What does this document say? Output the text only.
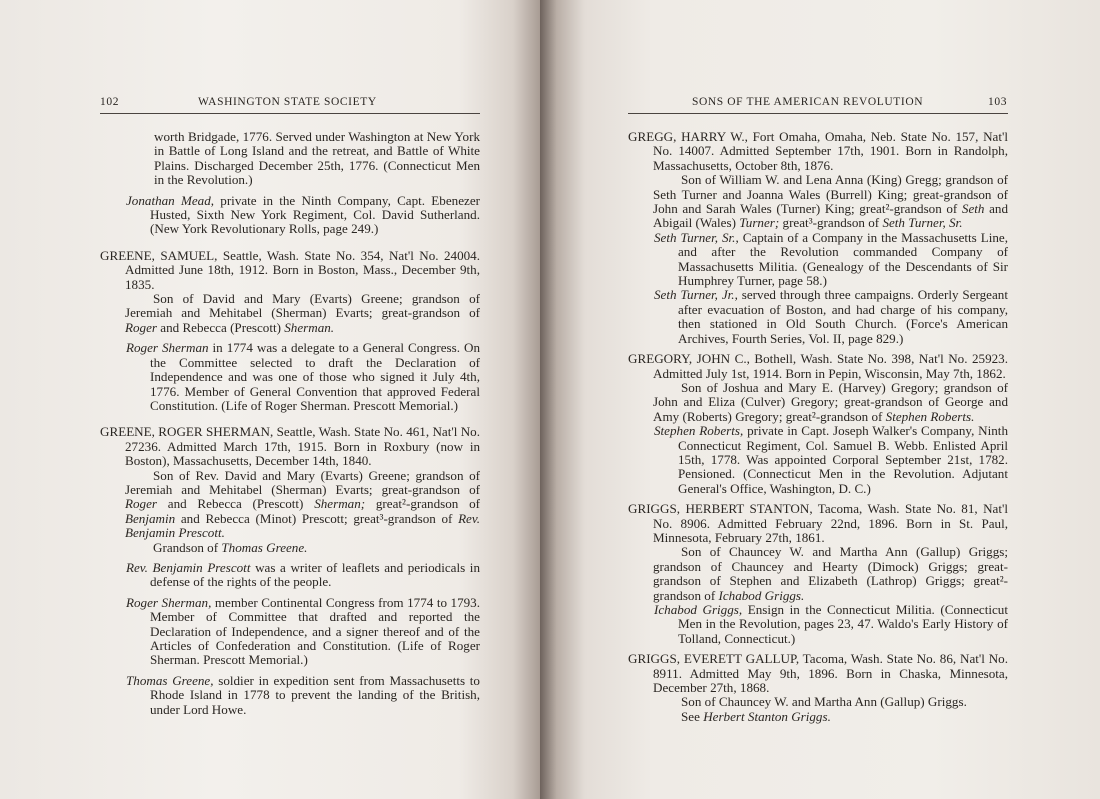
102	WASHINGTON STATE SOCIETY

worth Bridgade, 1776. Served under Washington at New York in Battle of Long Island and the retreat, and Battle of White Plains. Discharged December 25th, 1776. (Connecticut Men in the Revolution.)

Jonathan Mead, private in the Ninth Company, Capt. Ebenezer Husted, Sixth New York Regiment, Col. David Sutherland. (New York Revolutionary Rolls, page 249.)

GREENE, SAMUEL, Seattle, Wash. State No. 354, Nat'l No. 24004. Admitted June 18th, 1912. Born in Boston, Mass., December 9th, 1835.

Son of David and Mary (Evarts) Greene; grandson of Jeremiah and Mehitabel (Sherman) Evarts; great-grandson of Roger and Rebecca (Prescott) Sherman.

Roger Sherman in 1774 was a delegate to a General Congress. On the Committee selected to draft the Declaration of Independence and was one of those who signed it July 4th, 1776. Member of General Convention that approved Federal Constitution. (Life of Roger Sherman. Prescott Memorial.)

GREENE, ROGER SHERMAN, Seattle, Wash. State No. 461, Nat'l No. 27236. Admitted March 17th, 1915. Born in Roxbury (now in Boston), Massachusetts, December 14th, 1840.

Son of Rev. David and Mary (Evarts) Greene; grandson of Jeremiah and Mehitabel (Sherman) Evarts; great-grandson of Roger and Rebecca (Prescott) Sherman; great²-grandson of Benjamin and Rebecca (Minot) Prescott; great³-grandson of Rev. Benjamin Prescott.

Grandson of Thomas Greene.

Rev. Benjamin Prescott was a writer of leaflets and periodicals in defense of the rights of the people.

Roger Sherman, member Continental Congress from 1774 to 1793. Member of Committee that drafted and reported the Declaration of Independence, and a signer thereof and of the Articles of Confederation and Constitution. (Life of Roger Sherman. Prescott Memorial.)

Thomas Greene, soldier in expedition sent from Massachusetts to Rhode Island in 1778 to prevent the landing of the British, under Lord Howe.

SONS OF THE AMERICAN REVOLUTION	103

GREGG, HARRY W., Fort Omaha, Omaha, Neb. State No. 157, Nat'l No. 14007. Admitted September 17th, 1901. Born in Randolph, Massachusetts, October 8th, 1876.

Son of William W. and Lena Anna (King) Gregg; grandson of Seth Turner and Joanna Wales (Burrell) King; great-grandson of John and Sarah Wales (Turner) King; great²-grandson of Seth and Abigail (Wales) Turner; great³-grandson of Seth Turner, Sr.

Seth Turner, Sr., Captain of a Company in the Massachusetts Line, and after the Revolution commanded Company of Massachusetts Militia. (Genealogy of the Descendants of Sir Humphrey Turner, page 58.)

Seth Turner, Jr., served through three campaigns. Orderly Sergeant after evacuation of Boston, and had charge of his company, then stationed in Old South Church. (Force's American Archives, Fourth Series, Vol. II, page 829.)

GREGORY, JOHN C., Bothell, Wash. State No. 398, Nat'l No. 25923. Admitted July 1st, 1914. Born in Pepin, Wisconsin, May 7th, 1862.

Son of Joshua and Mary E. (Harvey) Gregory; grandson of John and Eliza (Culver) Gregory; great-grandson of George and Amy (Roberts) Gregory; great²-grandson of Stephen Roberts.

Stephen Roberts, private in Capt. Joseph Walker's Company, Ninth Connecticut Regiment, Col. Samuel B. Webb. Enlisted April 15th, 1778. Was appointed Corporal September 21st, 1782. Pensioned. (Connecticut Men in the Revolution. Adjutant General's Office, Washington, D. C.)

GRIGGS, HERBERT STANTON, Tacoma, Wash. State No. 81, Nat'l No. 8906. Admitted February 22nd, 1896. Born in St. Paul, Minnesota, February 27th, 1861.

Son of Chauncey W. and Martha Ann (Gallup) Griggs; grandson of Chauncey and Hearty (Dimock) Griggs; great-grandson of Stephen and Elizabeth (Lathrop) Griggs; great²-grandson of Ichabod Griggs.

Ichabod Griggs, Ensign in the Connecticut Militia. (Connecticut Men in the Revolution, pages 23, 47. Waldo's Early History of Tolland, Connecticut.)

GRIGGS, EVERETT GALLUP, Tacoma, Wash. State No. 86, Nat'l No. 8911. Admitted May 9th, 1896. Born in Chaska, Minnesota, December 27th, 1868.

Son of Chauncey W. and Martha Ann (Gallup) Griggs.

See Herbert Stanton Griggs.
